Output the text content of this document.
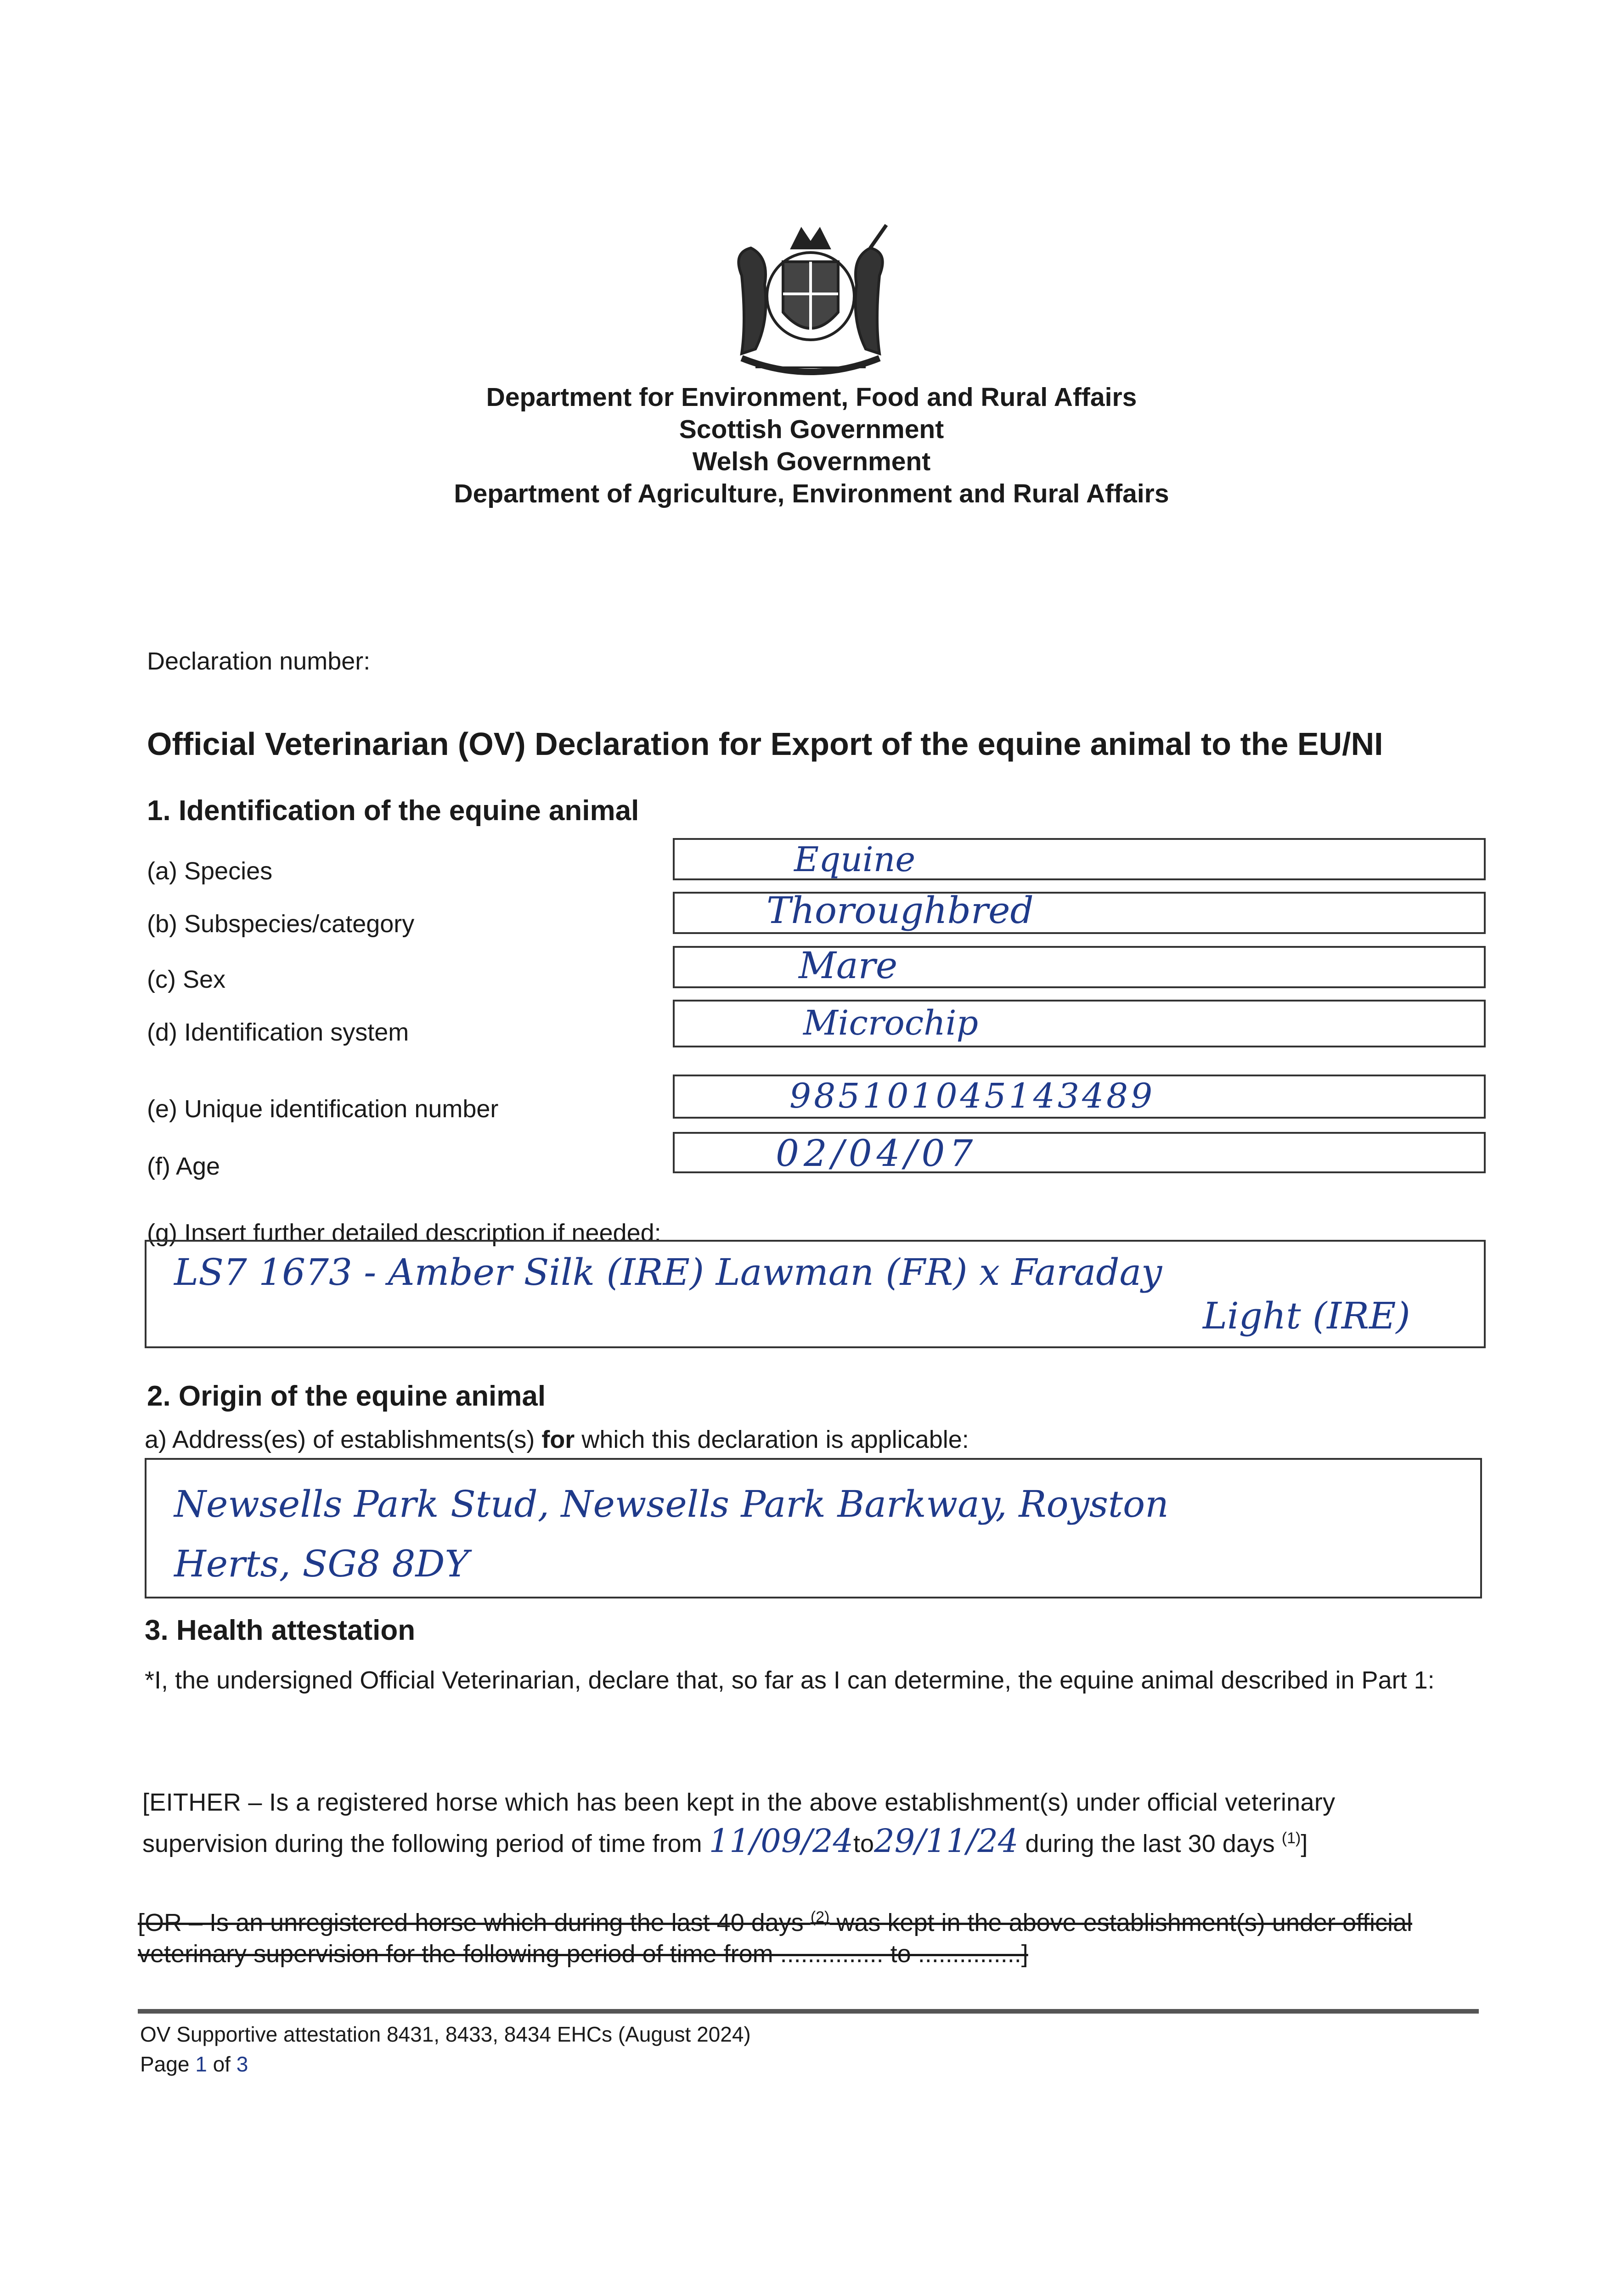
Department for Environment, Food and Rural Affairs
Scottish Government
Welsh Government
Department of Agriculture, Environment and Rural Affairs
Declaration number:
Official Veterinarian (OV) Declaration for Export of the equine animal to the EU/NI
1. Identification of the equine animal
(a) Species	Equine
(b) Subspecies/category	Thoroughbred
(c) Sex	Mare
(d) Identification system	Microchip
(e) Unique identification number	985101045143489
(f) Age	02/04/07
(g) Insert further detailed description if needed:
LS7 1673 - Amber Silk (IRE) Lawman (FR) x Faraday
Light (IRE)
2. Origin of the equine animal
a) Address(es) of establishments(s) for which this declaration is applicable:
Newsells Park Stud, Newsells Park Barkway, Royston
Herts, SG8 8DY
3. Health attestation
*I, the undersigned Official Veterinarian, declare that, so far as I can determine, the equine animal described in Part 1:
[EITHER – Is a registered horse which has been kept in the above establishment(s) under official veterinary
supervision during the following period of time from 11/09/24to29/11/24 during the last 30 days $^{(1)}$]
[OR – Is an unregistered horse which during the last 40 days $^{(2)}$ was kept in the above establishment(s) under official
veterinary supervision for the following period of time from ............... to ...............]
OV Supportive attestation 8431, 8433, 8434 EHCs (August 2024)
Page 1 of 3
